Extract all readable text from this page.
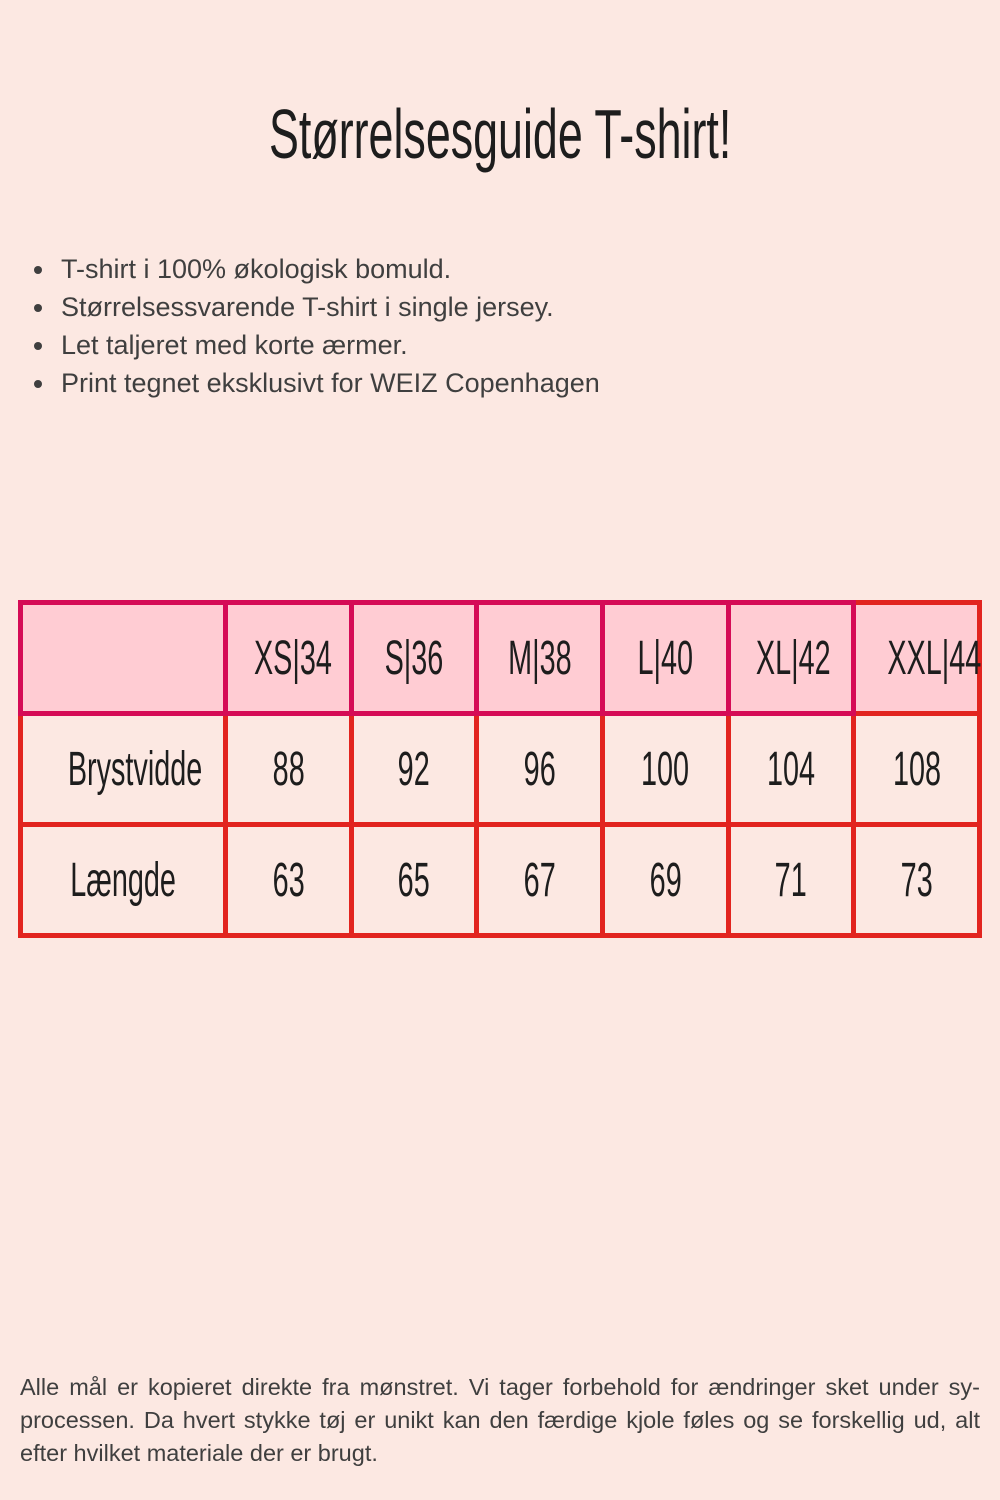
Størrelsesguide T-shirt!
• T-shirt i 100% økologisk bomuld.
• Størrelsessvarende T-shirt i single jersey.
• Let taljeret med korte ærmer.
• Print tegnet eksklusivt for WEIZ Copenhagen
	XS|34	S|36	M|38	L|40	XL|42	XXL|44
Brystvidde	88	92	96	100	104	108
Længde	63	65	67	69	71	73

Alle mål er kopieret direkte fra mønstret. Vi tager forbehold for ændringer sket under sy-processen. Da hvert stykke tøj er unikt kan den færdige kjole føles og se forskellig ud, alt efter hvilket materiale der er brugt.
